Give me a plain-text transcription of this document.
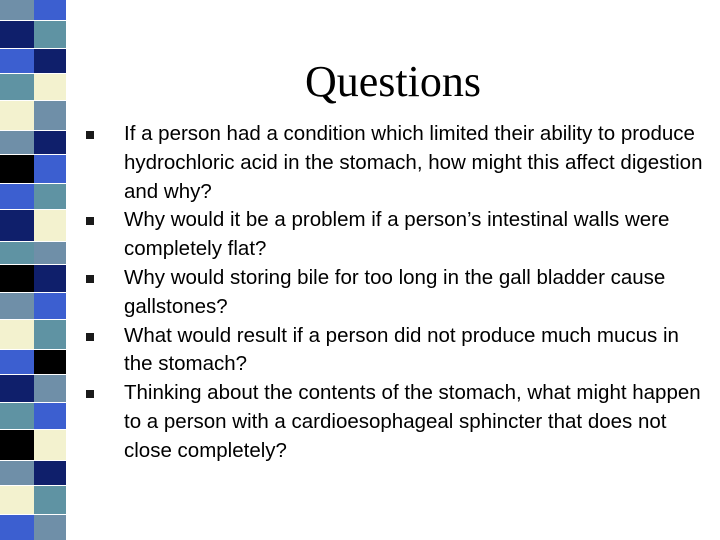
Questions
If a person had a condition which limited their ability to produce hydrochloric acid in the stomach, how might this affect digestion and why?
Why would it be a problem if a person’s intestinal walls were completely flat?
Why would storing bile for too long in the gall bladder cause gallstones?
What would result if a person did not produce much mucus in the stomach?
Thinking about the contents of the stomach, what might happen to a person with a cardioesophageal sphincter that does not close completely?
